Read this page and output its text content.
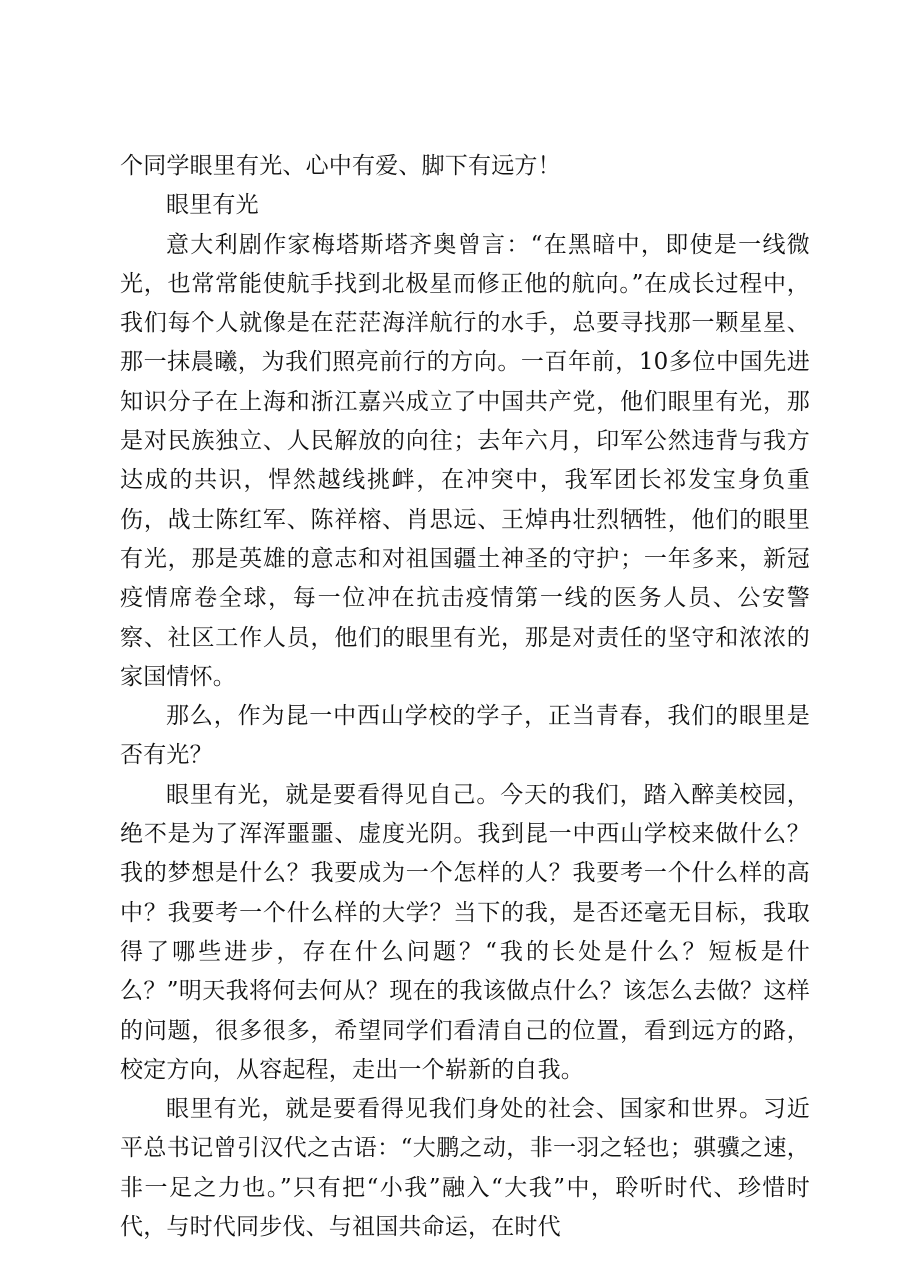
个同学眼里有光、心中有爱、脚下有远方！

眼里有光

意大利剧作家梅塔斯塔齐奥曾言：“在黑暗中，即使是一线微光，也常常能使航手找到北极星而修正他的航向。”在成长过程中，我们每个人就像是在茫茫海洋航行的水手，总要寻找那一颗星星、那一抹晨曦，为我们照亮前行的方向。一百年前，10多位中国先进知识分子在上海和浙江嘉兴成立了中国共产党，他们眼里有光，那是对民族独立、人民解放的向往；去年六月，印军公然违背与我方达成的共识，悍然越线挑衅，在冲突中，我军团长祁发宝身负重伤，战士陈红军、陈祥榕、肖思远、王焯冉壮烈牺牲，他们的眼里有光，那是英雄的意志和对祖国疆土神圣的守护；一年多来，新冠疫情席卷全球，每一位冲在抗击疫情第一线的医务人员、公安警察、社区工作人员，他们的眼里有光，那是对责任的坚守和浓浓的家国情怀。

那么，作为昆一中西山学校的学子，正当青春，我们的眼里是否有光？

眼里有光，就是要看得见自己。今天的我们，踏入醉美校园，绝不是为了浑浑噩噩、虚度光阴。我到昆一中西山学校来做什么？我的梦想是什么？我要成为一个怎样的人？我要考一个什么样的高中？我要考一个什么样的大学？当下的我，是否还毫无目标，我取得了哪些进步，存在什么问题？“我的长处是什么？短板是什么？”明天我将何去何从？现在的我该做点什么？该怎么去做？这样的问题，很多很多，希望同学们看清自己的位置，看到远方的路，校定方向，从容起程，走出一个崭新的自我。

眼里有光，就是要看得见我们身处的社会、国家和世界。习近平总书记曾引汉代之古语：“大鹏之动，非一羽之轻也；骐骥之速，非一足之力也。”只有把“小我”融入“大我”中，聆听时代、珍惜时代，与时代同步伐、与祖国共命运，在时代
